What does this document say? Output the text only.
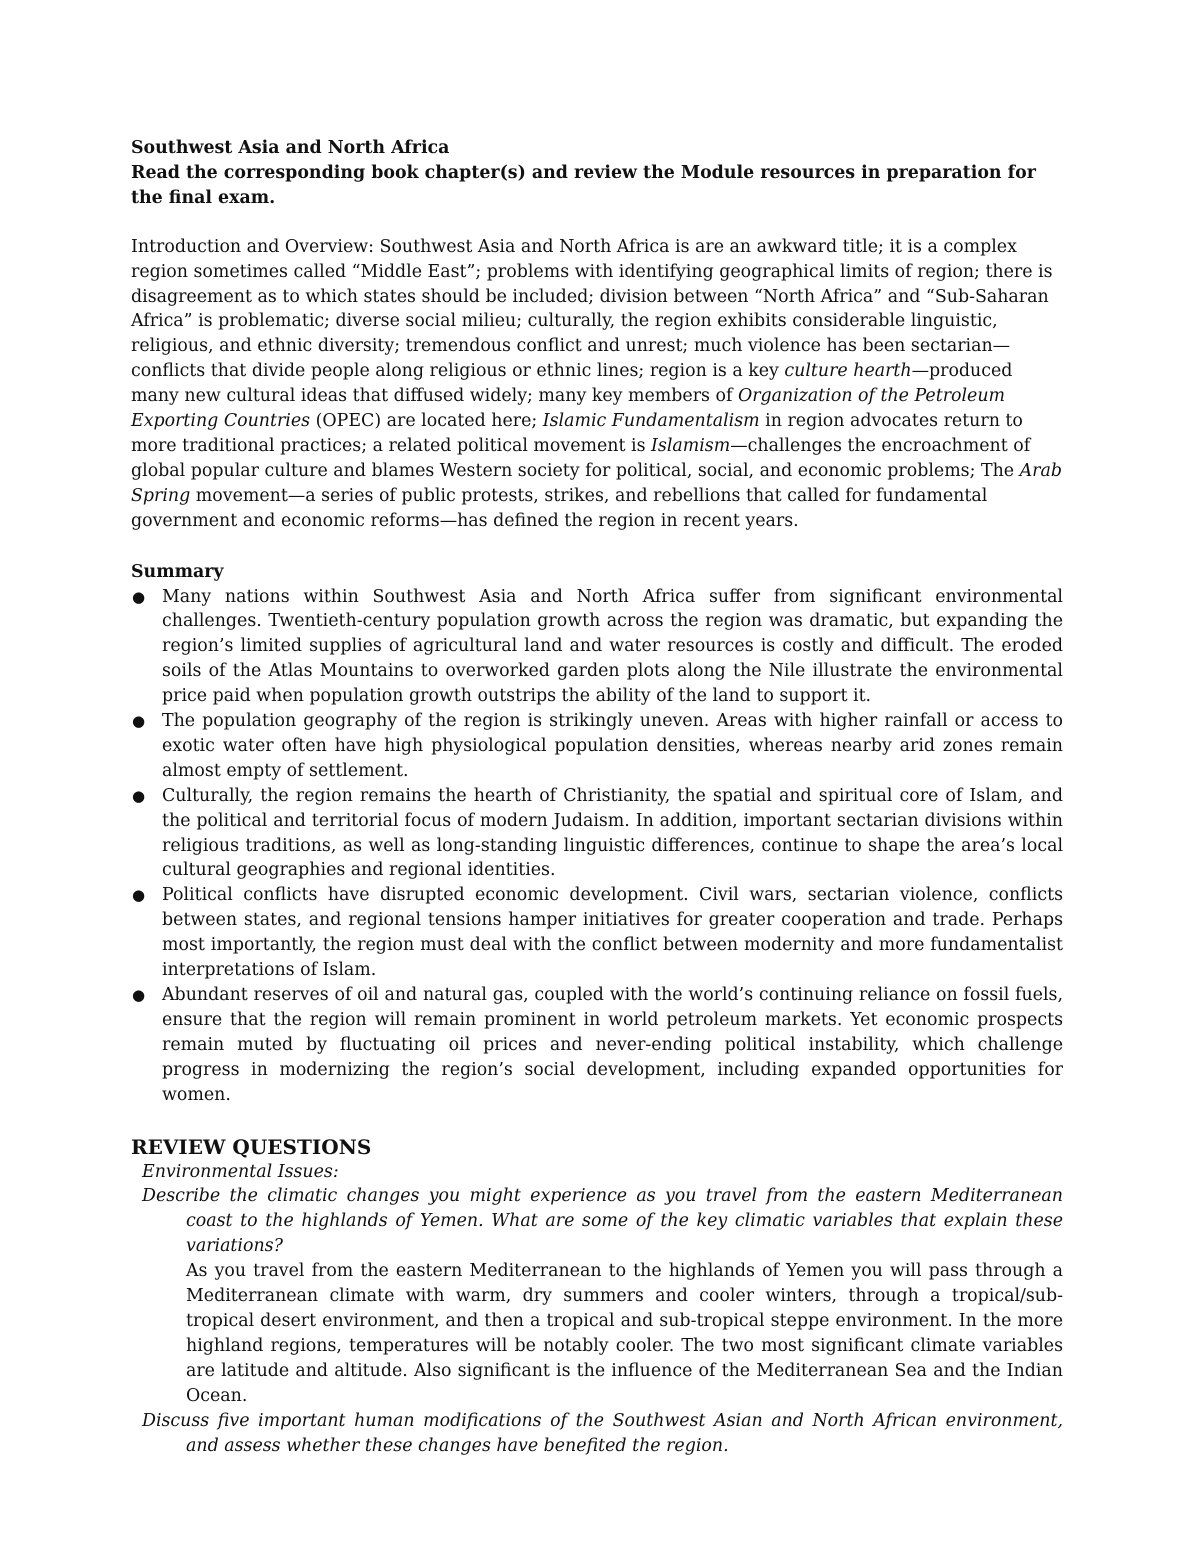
Southwest Asia and North Africa
Read the corresponding book chapter(s) and review the Module resources in preparation for the final exam.

Introduction and Overview: Southwest Asia and North Africa is are an awkward title; it is a complex region sometimes called “Middle East”; problems with identifying geographical limits of region; there is disagreement as to which states should be included; division between “North Africa” and “Sub-Saharan Africa” is problematic; diverse social milieu; culturally, the region exhibits considerable linguistic, religious, and ethnic diversity; tremendous conflict and unrest; much violence has been sectarian—conflicts that divide people along religious or ethnic lines; region is a key culture hearth—produced many new cultural ideas that diffused widely; many key members of Organization of the Petroleum Exporting Countries (OPEC) are located here; Islamic Fundamentalism in region advocates return to more traditional practices; a related political movement is Islamism—challenges the encroachment of global popular culture and blames Western society for political, social, and economic problems; The Arab Spring movement—a series of public protests, strikes, and rebellions that called for fundamental government and economic reforms—has defined the region in recent years.

Summary
● Many nations within Southwest Asia and North Africa suffer from significant environmental challenges. Twentieth-century population growth across the region was dramatic, but expanding the region’s limited supplies of agricultural land and water resources is costly and difficult. The eroded soils of the Atlas Mountains to overworked garden plots along the Nile illustrate the environmental price paid when population growth outstrips the ability of the land to support it.
● The population geography of the region is strikingly uneven. Areas with higher rainfall or access to exotic water often have high physiological population densities, whereas nearby arid zones remain almost empty of settlement.
● Culturally, the region remains the hearth of Christianity, the spatial and spiritual core of Islam, and the political and territorial focus of modern Judaism. In addition, important sectarian divisions within religious traditions, as well as long-standing linguistic differences, continue to shape the area’s local cultural geographies and regional identities.
● Political conflicts have disrupted economic development. Civil wars, sectarian violence, conflicts between states, and regional tensions hamper initiatives for greater cooperation and trade. Perhaps most importantly, the region must deal with the conflict between modernity and more fundamentalist interpretations of Islam.
● Abundant reserves of oil and natural gas, coupled with the world’s continuing reliance on fossil fuels, ensure that the region will remain prominent in world petroleum markets. Yet economic prospects remain muted by fluctuating oil prices and never-ending political instability, which challenge progress in modernizing the region’s social development, including expanded opportunities for women.
REVIEW QUESTIONS
Environmental Issues:
Describe the climatic changes you might experience as you travel from the eastern Mediterranean coast to the highlands of Yemen. What are some of the key climatic variables that explain these variations?
As you travel from the eastern Mediterranean to the highlands of Yemen you will pass through a Mediterranean climate with warm, dry summers and cooler winters, through a tropical/sub-tropical desert environment, and then a tropical and sub-tropical steppe environment. In the more highland regions, temperatures will be notably cooler. The two most significant climate variables are latitude and altitude. Also significant is the influence of the Mediterranean Sea and the Indian Ocean.
Discuss five important human modifications of the Southwest Asian and North African environment, and assess whether these changes have benefited the region.
